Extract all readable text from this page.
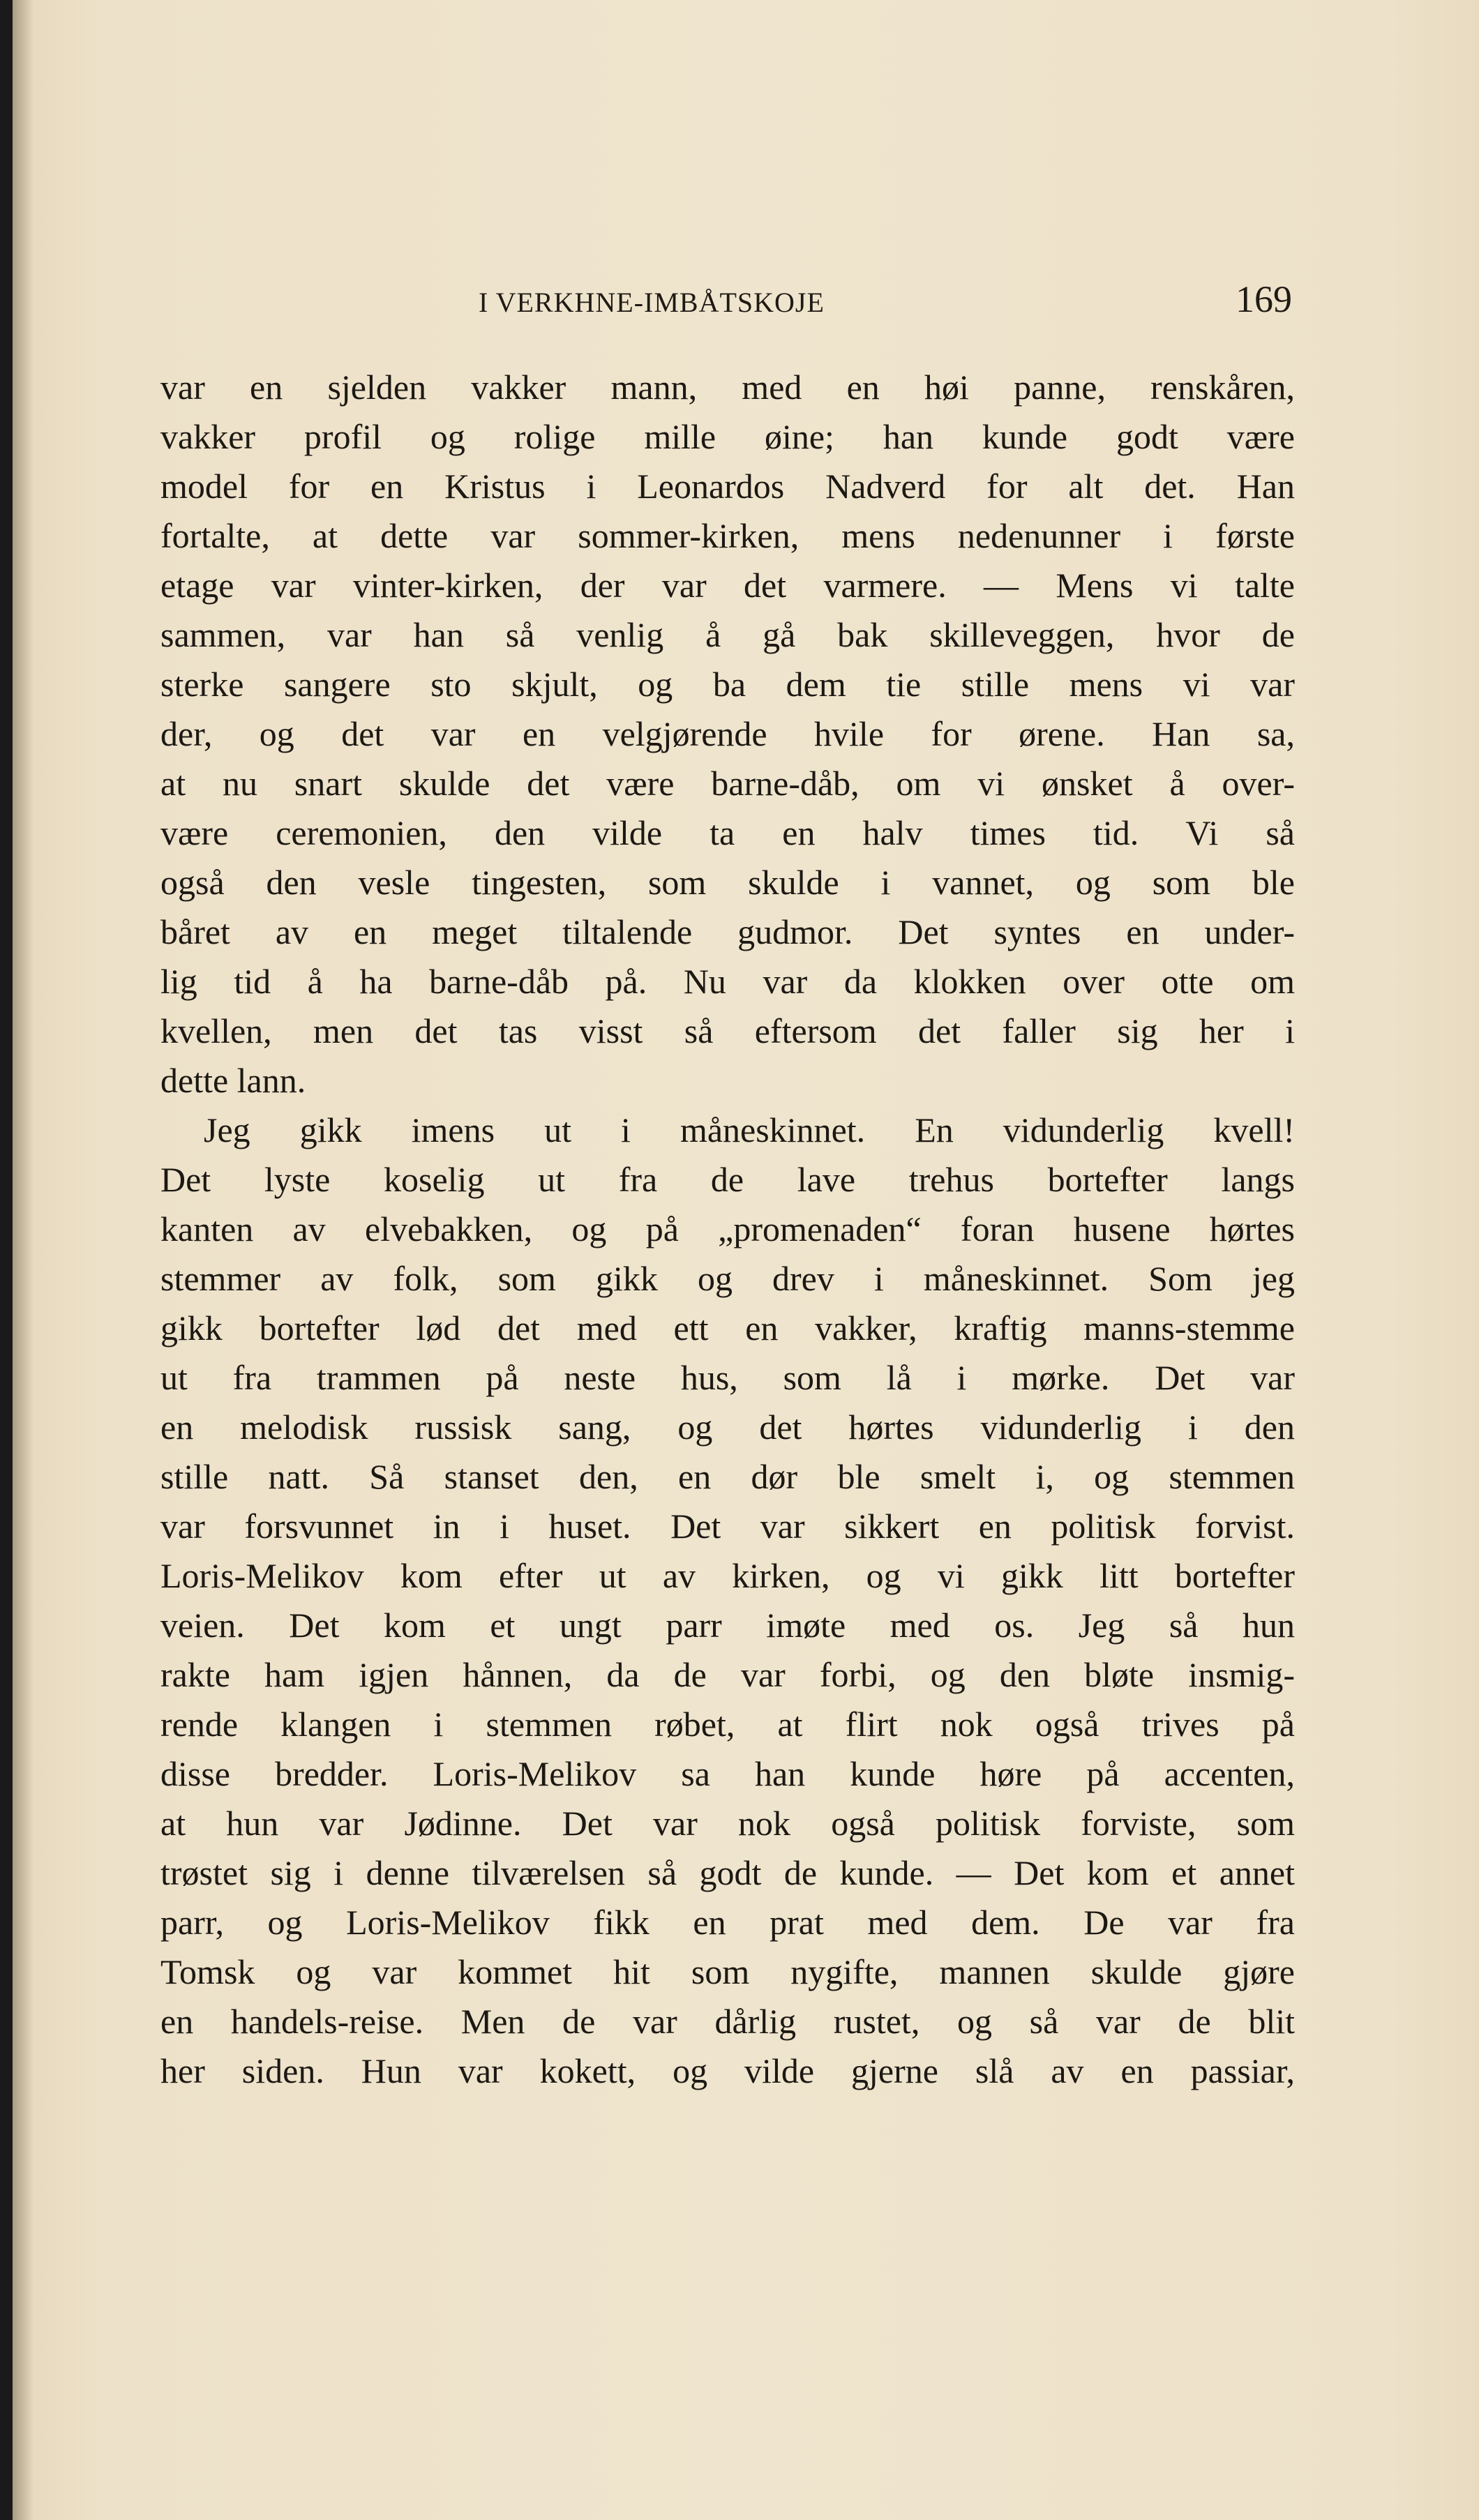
I VERKHNE-IMBÅTSKOJE	169
var en sjelden vakker mann, med en høi panne, renskåren,
vakker profil og rolige mille øine; han kunde godt være
model for en Kristus i Leonardos Nadverd for alt det. Han
fortalte, at dette var sommer-kirken, mens nedenunner i første
etage var vinter-kirken, der var det varmere. — Mens vi talte
sammen, var han så venlig å gå bak skilleveggen, hvor de
sterke sangere sto skjult, og ba dem tie stille mens vi var
der, og det var en velgjørende hvile for ørene. Han sa,
at nu snart skulde det være barne-dåb, om vi ønsket å over-
være ceremonien, den vilde ta en halv times tid. Vi så
også den vesle tingesten, som skulde i vannet, og som ble
båret av en meget tiltalende gudmor. Det syntes en under-
lig tid å ha barne-dåb på. Nu var da klokken over otte om
kvellen, men det tas visst så eftersom det faller sig her i
dette lann.
Jeg gikk imens ut i måneskinnet. En vidunderlig kvell!
Det lyste koselig ut fra de lave trehus bortefter langs
kanten av elvebakken, og på „promenaden“ foran husene hørtes
stemmer av folk, som gikk og drev i måneskinnet. Som jeg
gikk bortefter lød det med ett en vakker, kraftig manns-stemme
ut fra trammen på neste hus, som lå i mørke. Det var
en melodisk russisk sang, og det hørtes vidunderlig i den
stille natt. Så stanset den, en dør ble smelt i, og stemmen
var forsvunnet in i huset. Det var sikkert en politisk forvist.
Loris-Melikov kom efter ut av kirken, og vi gikk litt bortefter
veien. Det kom et ungt parr imøte med os. Jeg så hun
rakte ham igjen hånnen, da de var forbi, og den bløte insmig-
rende klangen i stemmen røbet, at flirt nok også trives på
disse bredder. Loris-Melikov sa han kunde høre på accenten,
at hun var Jødinne. Det var nok også politisk forviste, som
trøstet sig i denne tilværelsen så godt de kunde. — Det kom et annet
parr, og Loris-Melikov fikk en prat med dem. De var fra
Tomsk og var kommet hit som nygifte, mannen skulde gjøre
en handels-reise. Men de var dårlig rustet, og så var de blit
her siden. Hun var kokett, og vilde gjerne slå av en passiar,
